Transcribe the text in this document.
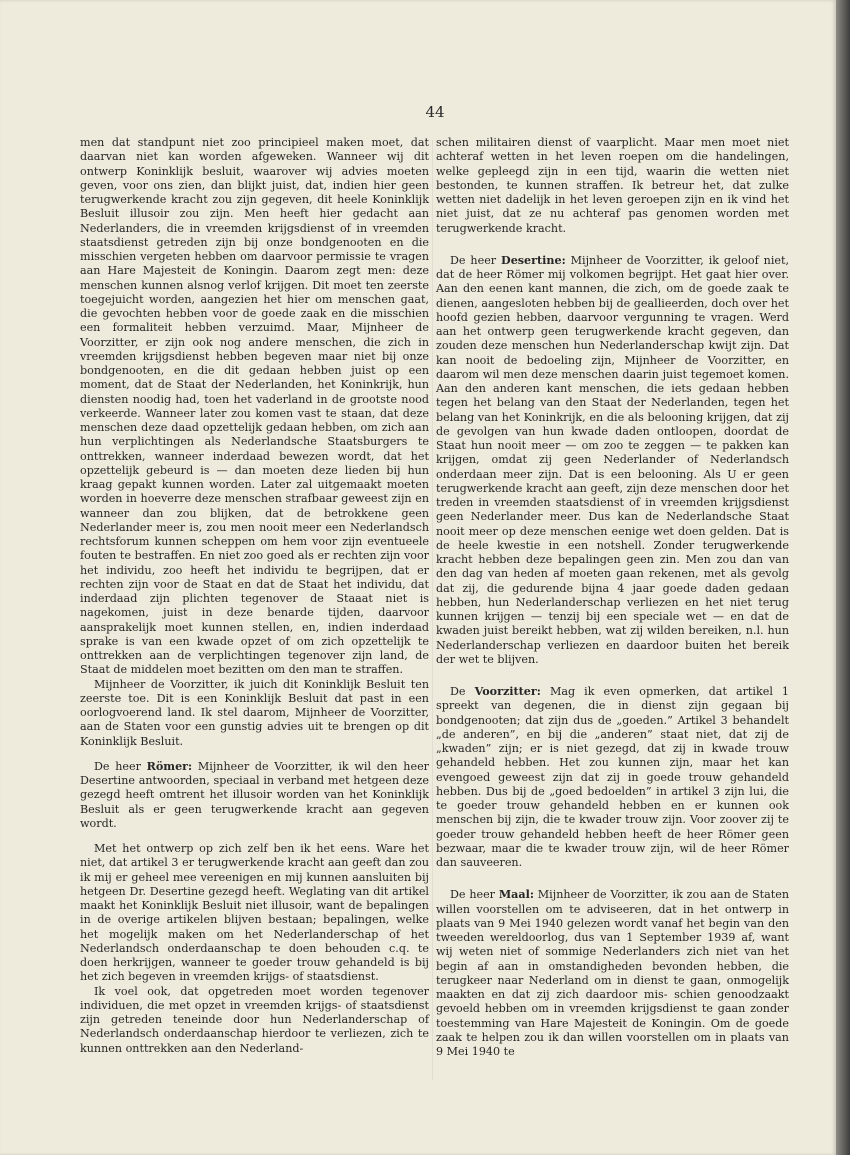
44

men dat standpunt niet zoo principieel maken moet, dat daarvan niet kan worden afgeweken. Wanneer wij dit ontwerp Koninklijk besluit, waarover wij advies moeten geven, voor ons zien, dan blijkt juist, dat, indien hier geen terugwerkende kracht zou zijn gegeven, dit heele Koninklijk Besluit illusoir zou zijn. Men heeft hier gedacht aan Nederlanders, die in vreemden krijgsdienst of in vreemden staatsdienst getreden zijn bij onze bondgenooten en die misschien vergeten hebben om daarvoor permissie te vragen aan Hare Majesteit de Koningin. Daarom zegt men: deze menschen kunnen alsnog verlof krijgen. Dit moet ten zeerste toegejuicht worden, aangezien het hier om menschen gaat, die gevochten hebben voor de goede zaak en die misschien een formaliteit hebben verzuimd. Maar, Mijnheer de Voorzitter, er zijn ook nog andere menschen, die zich in vreemden krijgsdienst hebben begeven maar niet bij onze bondgenooten, en die dit gedaan hebben juist op een moment, dat de Staat der Nederlanden, het Koninkrijk, hun diensten noodig had, toen het vaderland in de grootste nood verkeerde. Wanneer later zou komen vast te staan, dat deze menschen deze daad opzettelijk gedaan hebben, om zich aan hun verplichtingen als Nederlandsche Staatsburgers te onttrekken, wanneer inderdaad bewezen wordt, dat het opzettelijk gebeurd is — dan moeten deze lieden bij hun kraag gepakt kunnen worden. Later zal uitgemaakt moeten worden in hoeverre deze menschen strafbaar geweest zijn en wanneer dan zou blijken, dat de betrokkene geen Nederlander meer is, zou men nooit meer een Nederlandsch rechtsforum kunnen scheppen om hem voor zijn eventueele fouten te bestraffen. En niet zoo goed als er rechten zijn voor het individu, zoo heeft het individu te begrijpen, dat er rechten zijn voor de Staat en dat de Staat het individu, dat inderdaad zijn plichten tegenover de Staaat niet is nagekomen, juist in deze benarde tijden, daarvoor aansprakelijk moet kunnen stellen, en, indien inderdaad sprake is van een kwade opzet of om zich opzettelijk te onttrekken aan de verplichtingen tegenover zijn land, de Staat de middelen moet bezitten om den man te straffen.

Mijnheer de Voorzitter, ik juich dit Koninklijk Besluit ten zeerste toe. Dit is een Koninklijk Besluit dat past in een oorlogvoerend land. Ik stel daarom, Mijnheer de Voorzitter, aan de Staten voor een gunstig advies uit te brengen op dit Koninklijk Besluit.

De heer Römer: Mijnheer de Voorzitter, ik wil den heer Desertine antwoorden, speciaal in verband met hetgeen deze gezegd heeft omtrent het illusoir worden van het Koninklijk Besluit als er geen terugwerkende kracht aan gegeven wordt.

Met het ontwerp op zich zelf ben ik het eens. Ware het niet, dat artikel 3 er terugwerkende kracht aan geeft dan zou ik mij er geheel mee vereenigen en mij kunnen aansluiten bij hetgeen Dr. Desertine gezegd heeft. Weglating van dit artikel maakt het Koninklijk Besluit niet illusoir, want de bepalingen in de overige artikelen blijven bestaan; bepalingen, welke het mogelijk maken om het Nederlanderschap of het Nederlandsch onderdaanschap te doen behouden c.q. te doen herkrijgen, wanneer te goeder trouw gehandeld is bij het zich begeven in vreemden krijgs- of staatsdienst.

Ik voel ook, dat opgetreden moet worden tegenover individuen, die met opzet in vreemden krijgs- of staatsdienst zijn getreden teneinde door hun Nederlanderschap of Nederlandsch onderdaanschap hierdoor te verliezen, zich te kunnen onttrekken aan den Nederland-

schen militairen dienst of vaarplicht. Maar men moet niet achteraf wetten in het leven roepen om die handelingen, welke gepleegd zijn in een tijd, waarin die wetten niet bestonden, te kunnen straffen. Ik betreur het, dat zulke wetten niet dadelijk in het leven geroepen zijn en ik vind het niet juist, dat ze nu achteraf pas genomen worden met terugwerkende kracht.

De heer Desertine: Mijnheer de Voorzitter, ik geloof niet, dat de heer Römer mij volkomen begrijpt. Het gaat hier over. Aan den eenen kant mannen, die zich, om de goede zaak te dienen, aangesloten hebben bij de geallieerden, doch over het hoofd gezien hebben, daarvoor vergunning te vragen. Werd aan het ontwerp geen terugwerkende kracht gegeven, dan zouden deze menschen hun Nederlanderschap kwijt zijn. Dat kan nooit de bedoeling zijn, Mijnheer de Voorzitter, en daarom wil men deze menschen daarin juist tegemoet komen. Aan den anderen kant menschen, die iets gedaan hebben tegen het belang van den Staat der Nederlanden, tegen het belang van het Koninkrijk, en die als belooning krijgen, dat zij de gevolgen van hun kwade daden ontloopen, doordat de Staat hun nooit meer — om zoo te zeggen — te pakken kan krijgen, omdat zij geen Nederlander of Nederlandsch onderdaan meer zijn. Dat is een belooning. Als U er geen terugwerkende kracht aan geeft, zijn deze menschen door het treden in vreemden staatsdienst of in vreemden krijgsdienst geen Nederlander meer. Dus kan de Nederlandsche Staat nooit meer op deze menschen eenige wet doen gelden. Dat is de heele kwestie in een notshell. Zonder terugwerkende kracht hebben deze bepalingen geen zin. Men zou dan van den dag van heden af moeten gaan rekenen, met als gevolg dat zij, die gedurende bijna 4 jaar goede daden gedaan hebben, hun Nederlanderschap verliezen en het niet terug kunnen krijgen — tenzij bij een speciale wet — en dat de kwaden juist bereikt hebben, wat zij wilden bereiken, n.l. hun Nederlanderschap verliezen en daardoor buiten het bereik der wet te blijven.

De Voorzitter: Mag ik even opmerken, dat artikel 1 spreekt van degenen, die in dienst zijn gegaan bij bondgenooten; dat zijn dus de „goeden.” Artikel 3 behandelt „de anderen”, en bij die „anderen” staat niet, dat zij de „kwaden” zijn; er is niet gezegd, dat zij in kwade trouw gehandeld hebben. Het zou kunnen zijn, maar het kan evengoed geweest zijn dat zij in goede trouw gehandeld hebben. Dus bij de „goed bedoelden” in artikel 3 zijn lui, die te goeder trouw gehandeld hebben en er kunnen ook menschen bij zijn, die te kwader trouw zijn. Voor zoover zij te goeder trouw gehandeld hebben heeft de heer Römer geen bezwaar, maar die te kwader trouw zijn, wil de heer Römer dan sauveeren.

De heer Maal: Mijnheer de Voorzitter, ik zou aan de Staten willen voorstellen om te adviseeren, dat in het ontwerp in plaats van 9 Mei 1940 gelezen wordt vanaf het begin van den tweeden wereldoorlog, dus van 1 September 1939 af, want wij weten niet of sommige Nederlanders zich niet van het begin af aan in omstandigheden bevonden hebben, die terugkeer naar Nederland om in dienst te gaan, onmogelijk maakten en dat zij zich daardoor mis- schien genoodzaakt gevoeld hebben om in vreemden krijgsdienst te gaan zonder toestemming van Hare Majesteit de Koningin. Om de goede zaak te helpen zou ik dan willen voorstellen om in plaats van 9 Mei 1940 te
